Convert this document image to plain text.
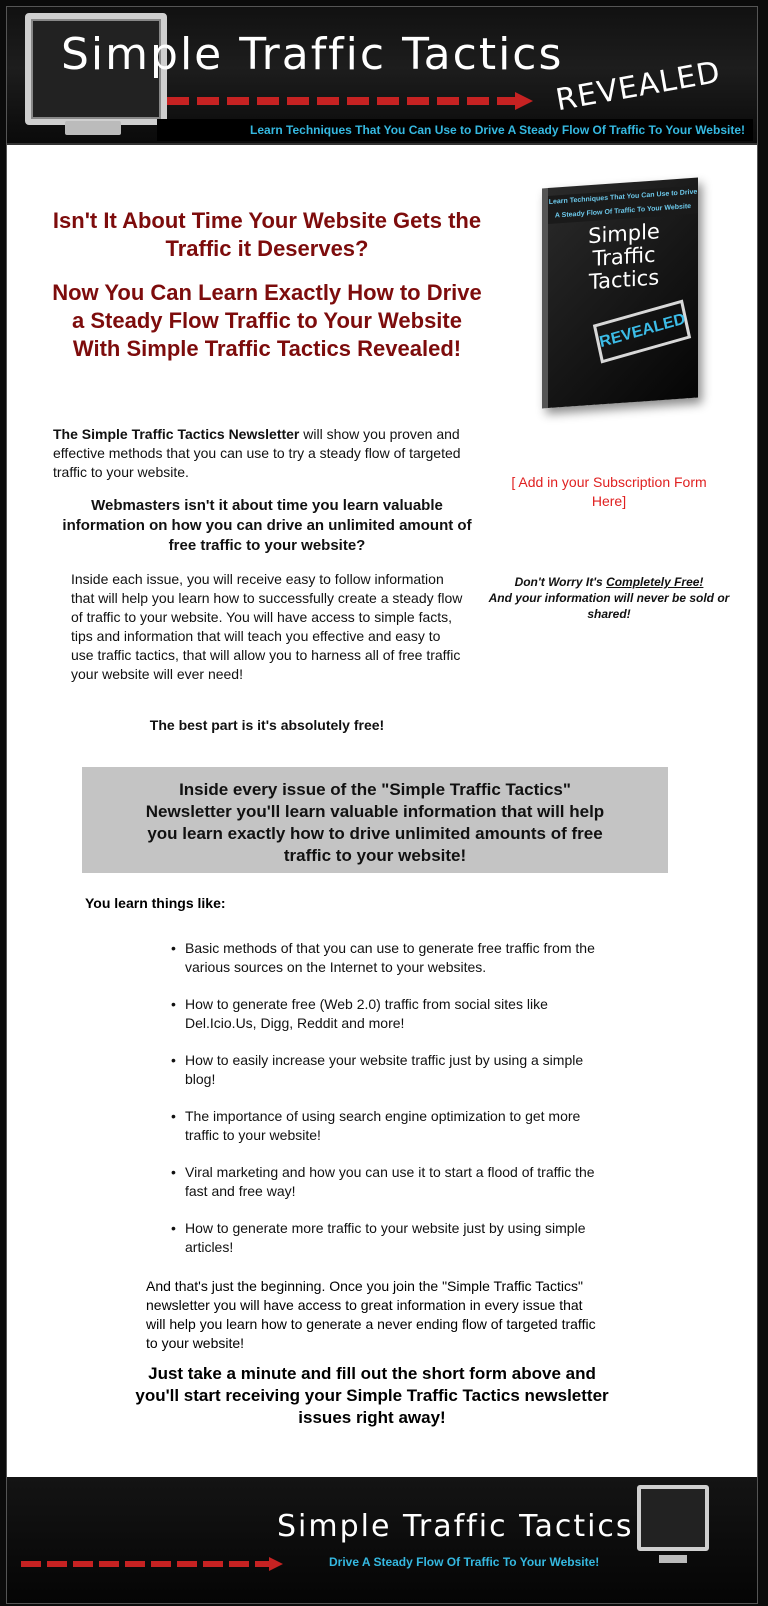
Simple Traffic Tactics
REVEALED
Learn Techniques That You Can Use to Drive A Steady Flow Of Traffic To Your Website!
Isn't It About Time Your Website Gets the Traffic it Deserves?
Now You Can Learn Exactly How to Drive a Steady Flow Traffic to Your Website With Simple Traffic Tactics Revealed!
Learn Techniques That You Can Use to Drive A Steady Flow Of Traffic To Your Website
Simple Traffic Tactics
REVEALED
The Simple Traffic Tactics Newsletter will show you proven and effective methods that you can use to try a steady flow of targeted traffic to your website.
[ Add in your Subscription Form Here]
Webmasters isn't it about time you learn valuable information on how you can drive an unlimited amount of free traffic to your website?
Don't Worry It's Completely Free!
And your information will never be sold or shared!
Inside each issue, you will receive easy to follow information that will help you learn how to successfully create a steady flow of traffic to your website. You will have access to simple facts, tips and information that will teach you effective and easy to use traffic tactics, that will allow you to harness all of free traffic your website will ever need!
The best part is it's absolutely free!
Inside every issue of the "Simple Traffic Tactics" Newsletter you'll learn valuable information that will help you learn exactly how to drive unlimited amounts of free traffic to your website!
You learn things like:
• Basic methods of that you can use to generate free traffic from the various sources on the Internet to your websites.
• How to generate free (Web 2.0) traffic from social sites like Del.Icio.Us, Digg, Reddit and more!
• How to easily increase your website traffic just by using a simple blog!
• The importance of using search engine optimization to get more traffic to your website!
• Viral marketing and how you can use it to start a flood of traffic the fast and free way!
• How to generate more traffic to your website just by using simple articles!
And that's just the beginning. Once you join the "Simple Traffic Tactics" newsletter you will have access to great information in every issue that will help you learn how to generate a never ending flow of targeted traffic to your website!
Just take a minute and fill out the short form above and you'll start receiving your Simple Traffic Tactics newsletter issues right away!
Simple Traffic Tactics
Drive A Steady Flow Of Traffic To Your Website!
